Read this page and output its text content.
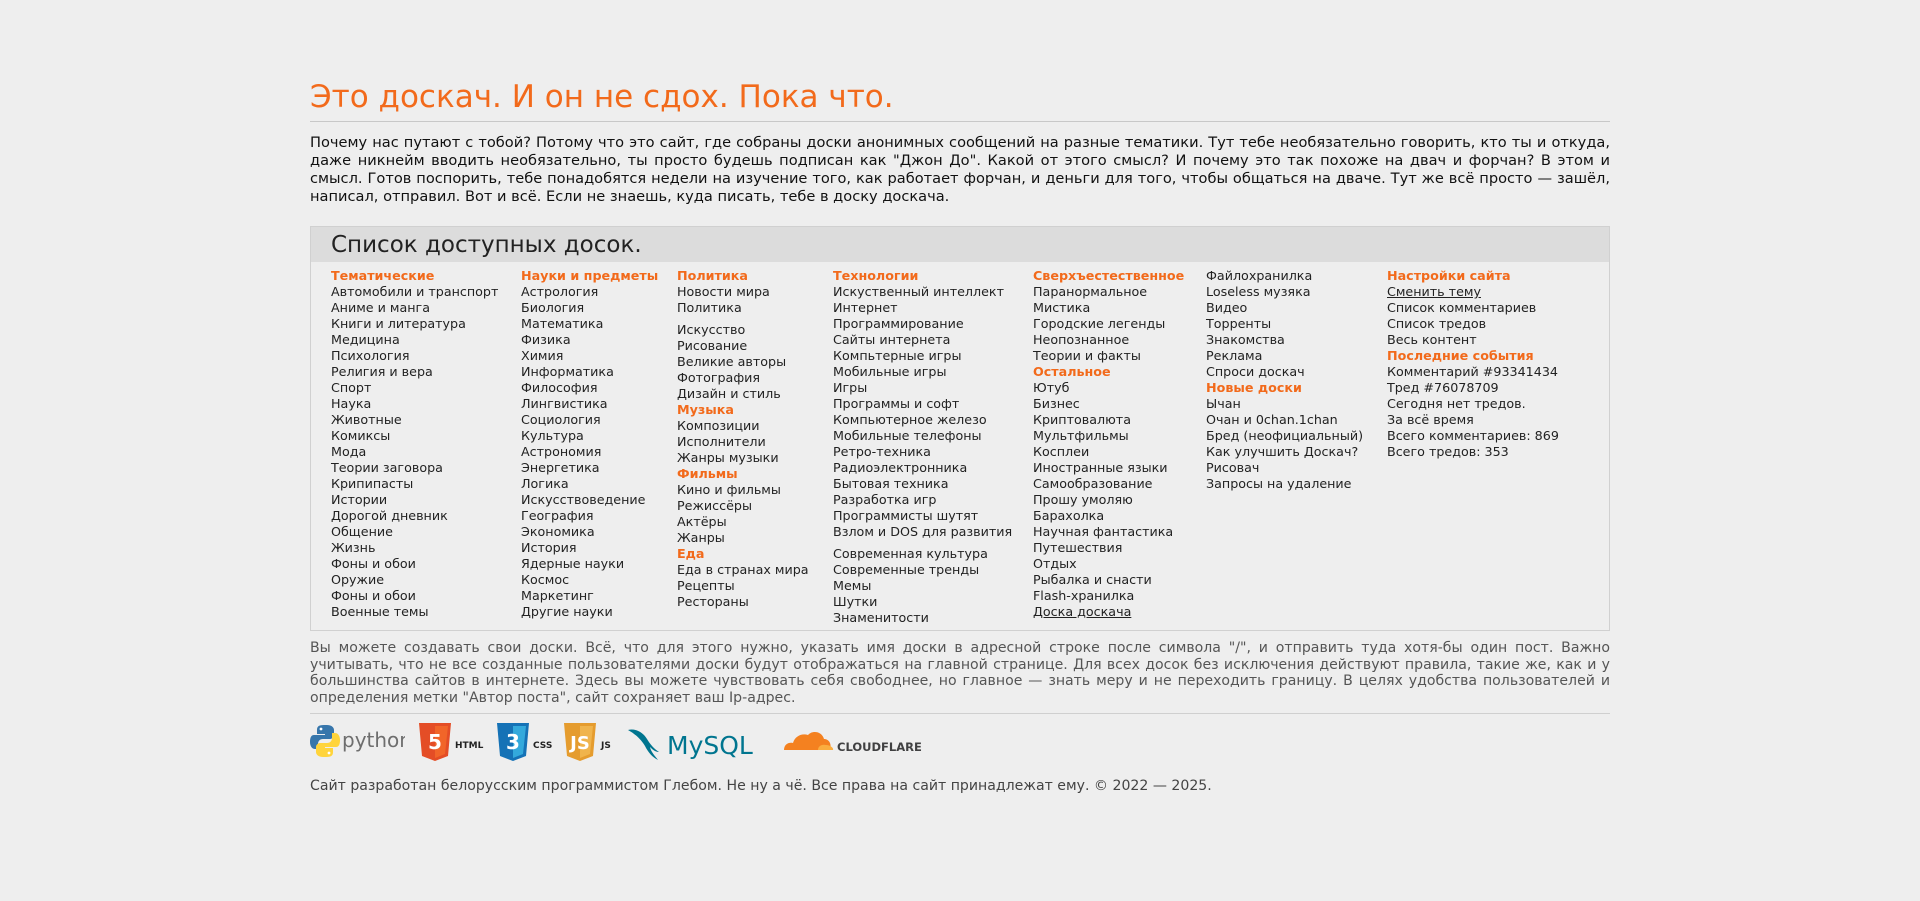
Это доскач. И он не сдох. Пока что.
Почему нас путают с тобой? Потому что это сайт, где собраны доски анонимных сообщений на разные тематики. Тут тебе необязательно говорить, кто ты и откуда, даже никнейм вводить необязательно, ты просто будешь подписан как "Джон До". Какой от этого смысл? И почему это так похоже на двач и форчан? В этом и смысл. Готов поспорить, тебе понадобятся недели на изучение того, как работает форчан, и деньги для того, чтобы общаться на дваче. Тут же всё просто — зашёл, написал, отправил. Вот и всё. Если не знаешь, куда писать, тебе в доску доскача.
Список доступных досок.
Тематические
Автомобили и транспорт
Аниме и манга
Книги и литература
Медицина
Психология
Религия и вера
Спорт
Наука
Животные
Комиксы
Мода
Теории заговора
Крипипасты
Истории
Дорогой дневник
Общение
Жизнь
Фоны и обои
Оружие
Фоны и обои
Военные темы
Науки и предметы
Астрология
Биология
Математика
Физика
Химия
Информатика
Философия
Лингвистика
Социология
Культура
Астрономия
Энергетика
Логика
Искусствоведение
География
Экономика
История
Ядерные науки
Космос
Маркетинг
Другие науки
Политика
Новости мира
Политика
Искусство
Рисование
Великие авторы
Фотография
Дизайн и стиль
Музыка
Композиции
Исполнители
Жанры музыки
Фильмы
Кино и фильмы
Режиссёры
Актёры
Жанры
Еда
Еда в странах мира
Рецепты
Рестораны
Технологии
Искуственный интеллект
Интернет
Программирование
Сайты интернета
Компьтерные игры
Мобильные игры
Игры
Программы и софт
Компьютерное железо
Мобильные телефоны
Ретро-техника
Радиоэлектронника
Бытовая техника
Разработка игр
Программисты шутят
Взлом и DOS для развития
Современная культура
Современные тренды
Мемы
Шутки
Знаменитости
Сверхъестественное
Паранормальное
Мистика
Городские легенды
Неопознанное
Теории и факты
Остальное
Ютуб
Бизнес
Криптовалюта
Мультфильмы
Косплеи
Иностранные языки
Самообразование
Прошу умоляю
Барахолка
Научная фантастика
Путешествия
Отдых
Рыбалка и снасти
Flash-хранилка
Доска доскача
Файлохранилка
Loseless музяка
Видео
Торренты
Знакомства
Реклама
Спроси доскач
Новые доски
Ычан
Очан и 0chan.1chan
Бред (неофициальный)
Как улучшить Доскач?
Рисовач
Запросы на удаление
Настройки сайта
Сменить тему
Список комментариев
Список тредов
Весь контент
Последние события
Комментарий #93341434
Тред #76078709
Сегодня нет тредов.
За всё время
Всего комментариев: 869
Всего тредов: 353
Вы можете создавать свои доски. Всё, что для этого нужно, указать имя доски в адресной строке после символа "/", и отправить туда хотя-бы один пост. Важно учитывать, что не все созданные пользователями доски будут отображаться на главной странице. Для всех досок без исключения действуют правила, такие же, как и у большинства сайтов в интернете. Здесь вы можете чувствовать себя свободнее, но главное — знать меру и не переходить границу. В целях удобства пользователей и определения метки "Автор поста", сайт сохраняет ваш Ip-адрес.
python 5 HTML 3 CSS JS JS MySQL	CLOUDFLARE
Сайт разработан белорусским программистом Глебом. Не ну а чё. Все права на сайт принадлежат ему. © 2022 — 2025.
